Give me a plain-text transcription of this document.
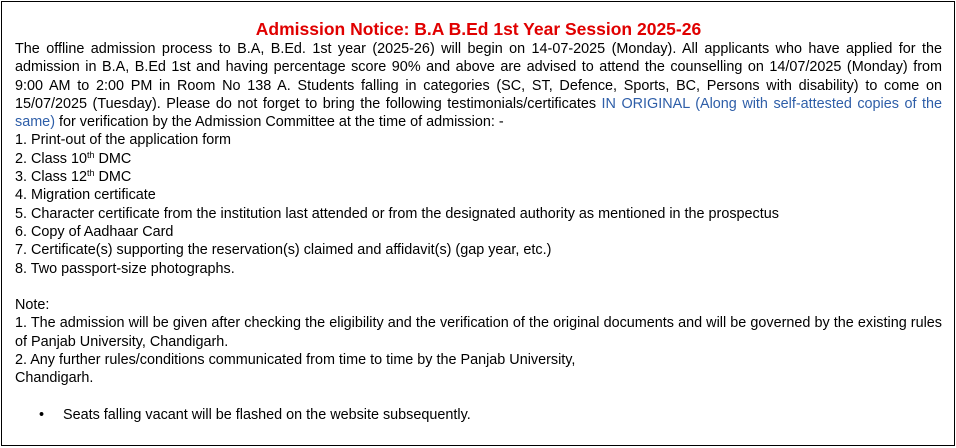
Admission Notice: B.A B.Ed 1st Year Session 2025-26

The offline admission process to B.A, B.Ed. 1st year (2025-26) will begin on 14-07-2025 (Monday). All applicants who have applied for the admission in B.A, B.Ed 1st and having percentage score 90% and above are advised to attend the counselling on 14/07/2025 (Monday) from 9:00 AM to 2:00 PM in Room No 138 A. Students falling in categories (SC, ST, Defence, Sports, BC, Persons with disability) to come on 15/07/2025 (Tuesday). Please do not forget to bring the following testimonials/certificates IN ORIGINAL (Along with self-attested copies of the same) for verification by the Admission Committee at the time of admission: -

1. Print-out of the application form
2. Class 10th DMC
3. Class 12th DMC
4. Migration certificate
5. Character certificate from the institution last attended or from the designated authority as mentioned in the prospectus
6. Copy of Aadhaar Card
7. Certificate(s) supporting the reservation(s) claimed and affidavit(s) (gap year, etc.)
8. Two passport-size photographs.
Note:

1. The admission will be given after checking the eligibility and the verification of the original documents and will be governed by the existing rules of Panjab University, Chandigarh.

2. Any further rules/conditions communicated from time to time by the Panjab University,
Chandigarh.
• Seats falling vacant will be flashed on the website subsequently.
